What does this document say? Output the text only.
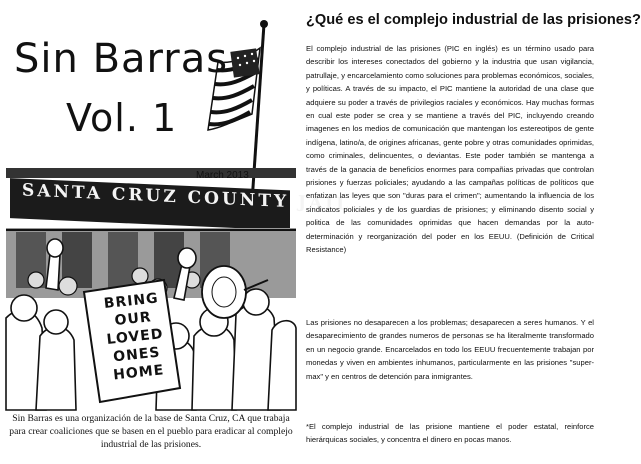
Sin Barras
Vol. 1
March 2013
SANTA CRUZ COUNTY JAIL
BRING
OUR
LOVED
ONES
HOME

Sin Barras es una organización de la base de Santa Cruz, CA que trabaja para crear coaliciones que se basen en el pueblo para eradicar al complejo industrial de las prisiones.

¿Qué es el complejo industrial de las prisiones?

El complejo industrial de las prisiones (PIC en inglés) es un término usado para describir los intereses conectados del gobierno y la industria que usan vigilancia, patrullaje, y encarcelamiento como soluciones para problemas económicos, sociales, y políticas. A través de su impacto, el PIC mantiene la autoridad de una clase que adquiere su poder a través de privilegios raciales y económicos. Hay muchas formas en cual este poder se crea y se mantiene a través del PIC, incluyendo creando imagenes en los medios de comunicación que mantengan los estereotipos de gente indígena, latino/a, de origines africanas, gente pobre y otras comunidades oprimidas, como criminales, delincuentes, o deviantas. Este poder también se mantenga a través de la ganacia de beneficios enormes para compañias privadas que controlan prisiones y fuerzas policiales; ayudando a las campañas políticas de políticos que enfatizan las leyes que son "duras para el crimen"; aumentando la influencia de los sindicatos policiales y de los guardias de prisiones; y eliminando disento social y politica de las comunidades oprimidas que hacen demandas por la auto-determinación y reorganización del poder en los EEUU. (Definición de Critical Resistance)

Las prisiones no desaparecen a los problemas; desaparecen a seres humanos. Y el desaparecimiento de grandes numeros de personas se ha literalmente transformado en un negocio grande. Encarcelados en todo los EEUU frecuentemente trabajan por monedas y viven en ambientes inhumanos, particularmente en las prisiones "super-max" y en centros de detención para inmigrantes.

*El complejo industrial de las prisione mantiene el poder estatal, reinforce hierárquicas sociales, y concentra el dinero en pocas manos.
